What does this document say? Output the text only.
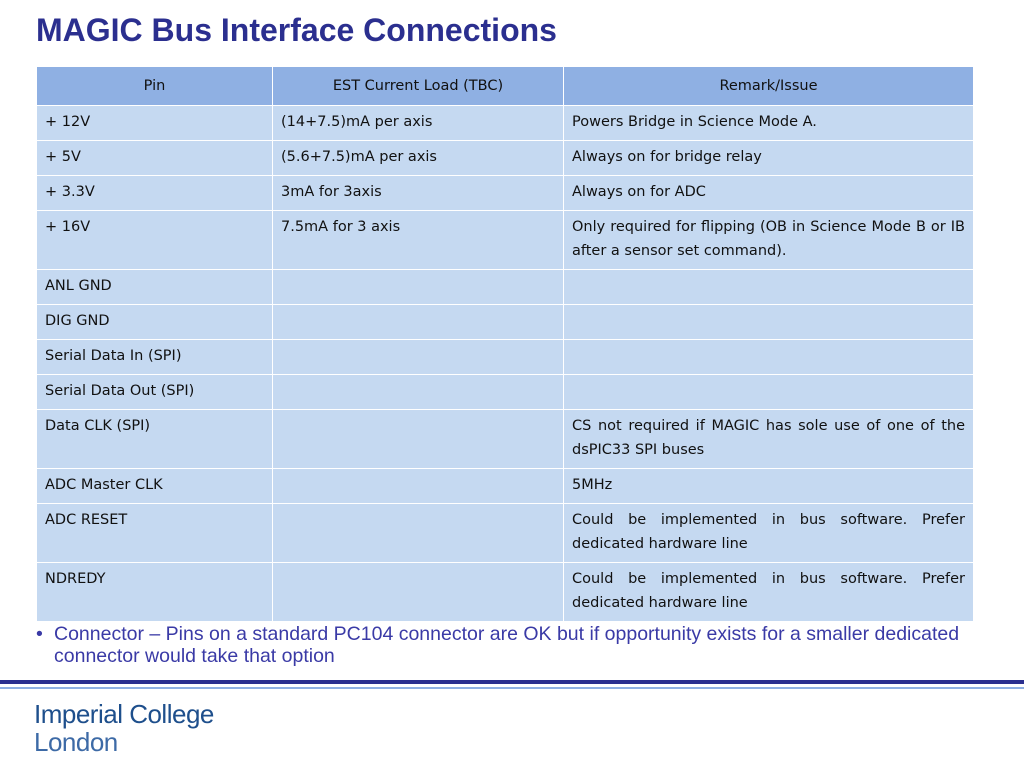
MAGIC Bus Interface Connections
Pin	EST Current Load (TBC)	Remark/Issue
+ 12V	(14+7.5)mA per axis	Powers Bridge in Science Mode A.
+ 5V	(5.6+7.5)mA per axis	Always on for bridge relay
+ 3.3V	3mA for 3axis	Always on for ADC
+ 16V	7.5mA for 3 axis	Only required for flipping (OB in Science Mode B or IB after a sensor set command).
ANL GND		
DIG GND		
Serial Data In (SPI)		
Serial Data Out (SPI)		
Data CLK (SPI)		CS not required if MAGIC has sole use of one of the dsPIC33 SPI buses
ADC Master CLK		5MHz
ADC RESET		Could be implemented in bus software. Prefer dedicated hardware line
NDREDY		Could be implemented in bus software. Prefer dedicated hardware line
• Connector – Pins on a standard PC104 connector are OK but if opportunity exists for a smaller dedicated connector would take that option
Imperial College
London
